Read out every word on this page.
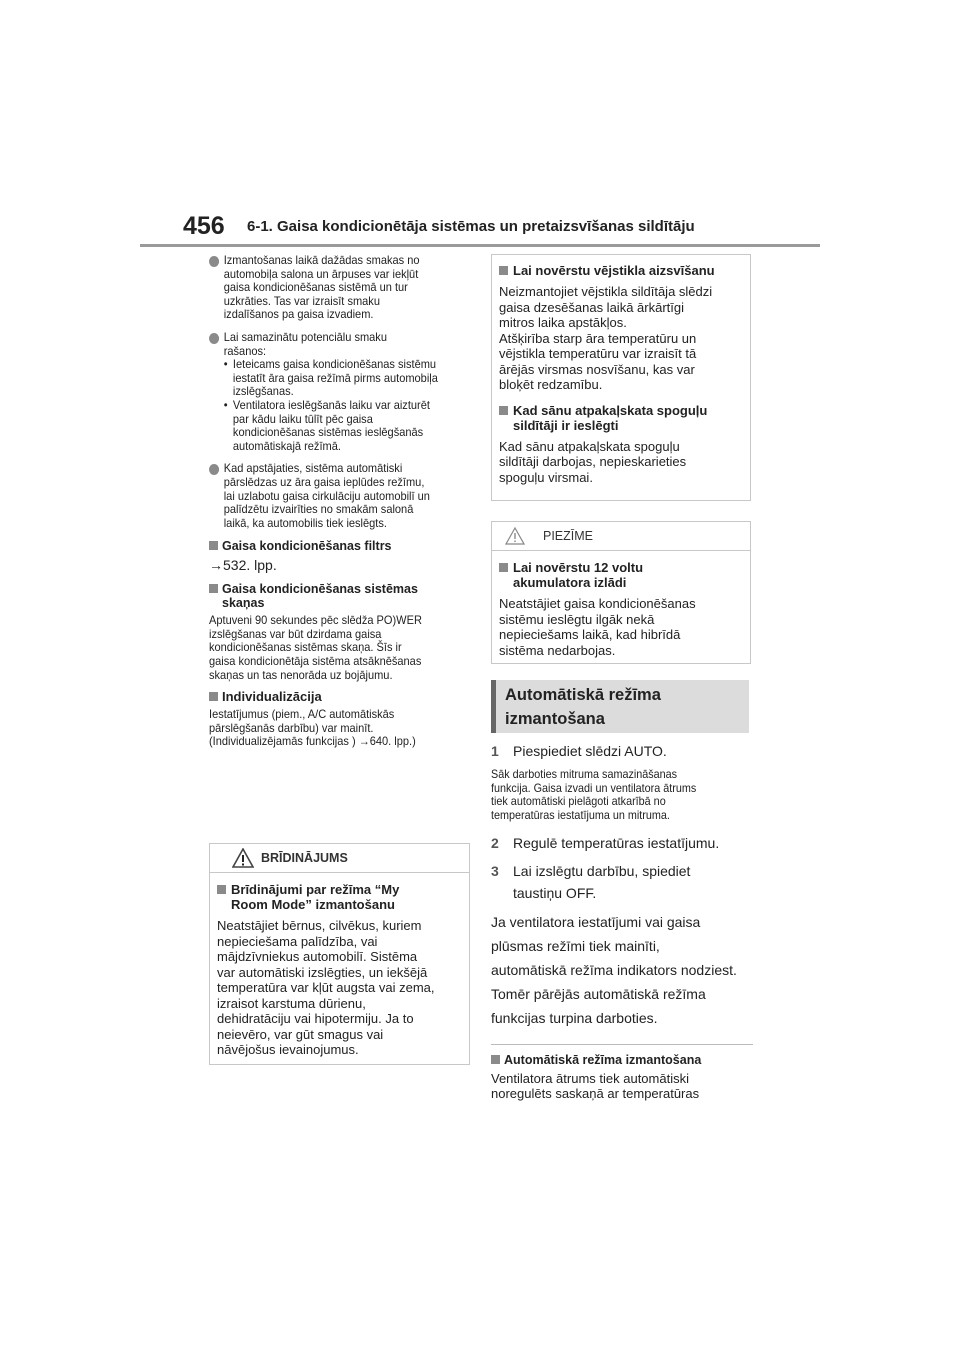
456 6-1. Gaisa kondicionētāja sistēmas un pretaizsvīšanas sildītāju
Izmantošanas laikā dažādas smakas no
automobiļa salona un ārpuses var iekļūt
gaisa kondicionēšanas sistēmā un tur
uzkrāties. Tas var izraisīt smaku
izdalīšanos pa gaisa izvadiem.
Lai samazinātu potenciālu smaku
rašanos:
• Ieteicams gaisa kondicionēšanas sistēmu
iestatīt āra gaisa režīmā pirms automobiļa
izslēgšanas.
• Ventilatora ieslēgšanās laiku var aizturēt
par kādu laiku tūlīt pēc gaisa
kondicionēšanas sistēmas ieslēgšanās
automātiskajā režīmā.
Kad apstājaties, sistēma automātiski
pārslēdzas uz āra gaisa ieplūdes režīmu,
lai uzlabotu gaisa cirkulāciju automobilī un
palīdzētu izvairīties no smakām salonā
laikā, ka automobilis tiek ieslēgts.
Gaisa kondicionēšanas filtrs
→532. lpp.
Gaisa kondicionēšanas sistēmas
skaņas
Aptuveni 90 sekundes pēc slēdža PO)WER
izslēgšanas var būt dzirdama gaisa
kondicionēšanas sistēmas skaņa. Šīs ir
gaisa kondicionētāja sistēma atsāknēšanas
skaņas un tas nenorāda uz bojājumu.
Individualizācija
Iestatījumus (piem., A/C automātiskās
pārslēgšanās darbību) var mainīt.
(Individualizējamās funkcijas ) →640. lpp.)
BRĪDINĀJUMS
Brīdinājumi par režīma “My
Room Mode” izmantošanu
Neatstājiet bērnus, cilvēkus, kuriem
nepieciešama palīdzība, vai
mājdzīvniekus automobilī. Sistēma
var automātiski izslēgties, un iekšējā
temperatūra var kļūt augsta vai zema,
izraisot karstuma dūrienu,
dehidratāciju vai hipotermiju. Ja to
neievēro, var gūt smagus vai
nāvējošus ievainojumus.
Lai novērstu vējstikla aizsvīšanu
Neizmantojiet vējstikla sildītāja slēdzi
gaisa dzesēšanas laikā ārkārtīgi
mitros laika apstākļos.
Atšķirība starp āra temperatūru un
vējstikla temperatūru var izraisīt tā
ārējās virsmas nosvīšanu, kas var
bloķēt redzamību.
Kad sānu atpakaļskata spoguļu
sildītāji ir ieslēgti
Kad sānu atpakaļskata spoguļu
sildītāji darbojas, nepieskarieties
spoguļu virsmai.
PIEZĪME
Lai novērstu 12 voltu
akumulatora izlādi
Neatstājiet gaisa kondicionēšanas
sistēmu ieslēgtu ilgāk nekā
nepieciešams laikā, kad hibrīdā
sistēma nedarbojas.
Automātiskā režīma
izmantošana
1 Piespiediet slēdzi AUTO.
Sāk darboties mitruma samazināšanas
funkcija. Gaisa izvadi un ventilatora ātrums
tiek automātiski pielāgoti atkarībā no
temperatūras iestatījuma un mitruma.
2 Regulē temperatūras iestatījumu.
3 Lai izslēgtu darbību, spiediet
taustiņu OFF.
Ja ventilatora iestatījumi vai gaisa
plūsmas režīmi tiek mainīti,
automātiskā režīma indikators nodziest.
Tomēr pārējās automātiskā režīma
funkcijas turpina darboties.
Automātiskā režīma izmantošana
Ventilatora ātrums tiek automātiski
noregulēts saskaņā ar temperatūras
